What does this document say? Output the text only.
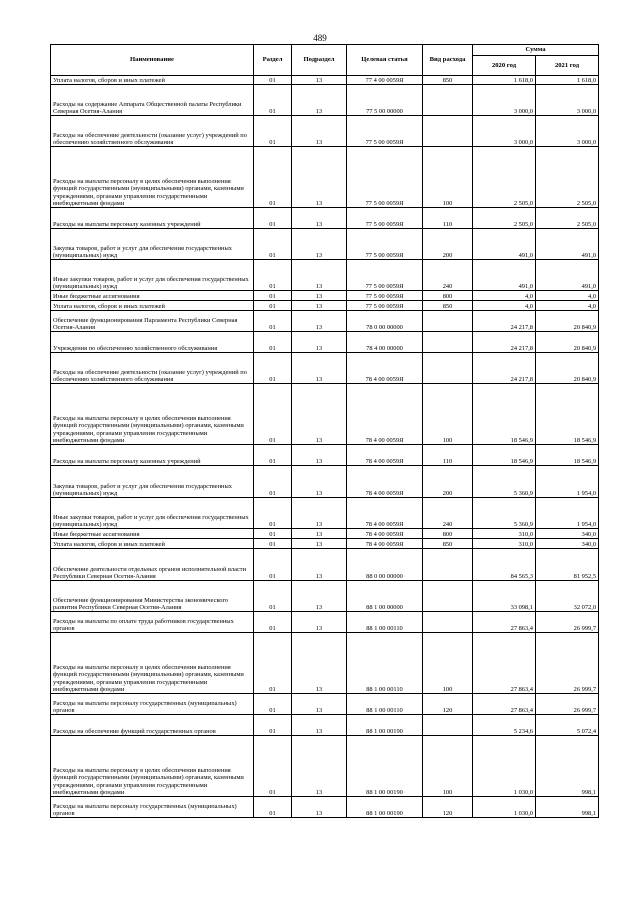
489
Наименование	Раздел	Подраздел	Целевая статья	Вид расхода	Сумма	
					2020 год	2021 год
Уплата налогов, сборов и иных платежей	01	13	77 4 00 0059Я	850	1 618,0	1 618,0
Расходы на содержание Аппарата Общественной палаты Республики Северная Осетия-Алания	01	13	77 5 00 00000		3 000,0	3 000,0
Расходы на обеспечение деятельности (оказание услуг) учреждений по обеспечению хозяйственного обслуживания	01	13	77 5 00 0059Я		3 000,0	3 000,0
Расходы на выплаты персоналу в целях обеспечения выполнения функций государственными (муниципальными) органами, казенными учреждениями, органами управления государственными внебюджетными фондами	01	13	77 5 00 0059Я	100	2 505,0	2 505,0
Расходы на выплаты персоналу казенных учреждений	01	13	77 5 00 0059Я	110	2 505,0	2 505,0
Закупка товаров, работ и услуг для обеспечения государственных (муниципальных) нужд	01	13	77 5 00 0059Я	200	491,0	491,0
Иные закупки товаров, работ и услуг для обеспечения государственных (муниципальных) нужд	01	13	77 5 00 0059Я	240	491,0	491,0
Иные бюджетные ассигнования	01	13	77 5 00 0059Я	800	4,0	4,0
Уплата налогов, сборов и иных платежей	01	13	77 5 00 0059Я	850	4,0	4,0
Обеспечение функционирования Парламента Республики Северная Осетия-Алания	01	13	78 0 00 00000		24 217,8	20 840,9
Учреждения по обеспечению хозяйственного обслуживания	01	13	78 4 00 00000		24 217,8	20 840,9
Расходы на обеспечение деятельности (оказание услуг) учреждений по обеспечению хозяйственного обслуживания	01	13	78 4 00 0059Я		24 217,8	20 840,9
Расходы на выплаты персоналу в целях обеспечения выполнения функций государственными (муниципальными) органами, казенными учреждениями, органами управления государственными внебюджетными фондами	01	13	78 4 00 0059Я	100	18 546,9	18 546,9
Расходы на выплаты персоналу казенных учреждений	01	13	78 4 00 0059Я	110	18 546,9	18 546,9
Закупка товаров, работ и услуг для обеспечения государственных (муниципальных) нужд	01	13	78 4 00 0059Я	200	5 360,9	1 954,0
Иные закупки товаров, работ и услуг для обеспечения государственных (муниципальных) нужд	01	13	78 4 00 0059Я	240	5 360,9	1 954,0
Иные бюджетные ассигнования	01	13	78 4 00 0059Я	800	310,0	340,0
Уплата налогов, сборов и иных платежей	01	13	78 4 00 0059Я	850	310,0	340,0
Обеспечение деятельности отдельных органов исполнительной власти Республики Северная Осетия-Алания	01	13	88 0 00 00000		84 565,3	81 952,5
Обеспечение функционирования Министерства экономического развития Республики Северная Осетия-Алания	01	13	88 1 00 00000		33 098,1	32 072,0
Расходы на выплаты по оплате труда работников государственных органов	01	13	88 1 00 00110		27 863,4	26 999,7
Расходы на выплаты персоналу в целях обеспечения выполнения функций государственными (муниципальными) органами, казенными учреждениями, органами управления государственными внебюджетными фондами	01	13	88 1 00 00110	100	27 863,4	26 999,7
Расходы на выплаты персоналу государственных (муниципальных) органов	01	13	88 1 00 00110	120	27 863,4	26 999,7
Расходы на обеспечение функций государственных органов	01	13	88 1 00 00190		5 234,6	5 072,4
Расходы на выплаты персоналу в целях обеспечения выполнения функций государственными (муниципальными) органами, казенными учреждениями, органами управления государственными внебюджетными фондами	01	13	88 1 00 00190	100	1 030,0	998,1
Расходы на выплаты персоналу государственных (муниципальных) органов	01	13	88 1 00 00190	120	1 030,0	998,1
